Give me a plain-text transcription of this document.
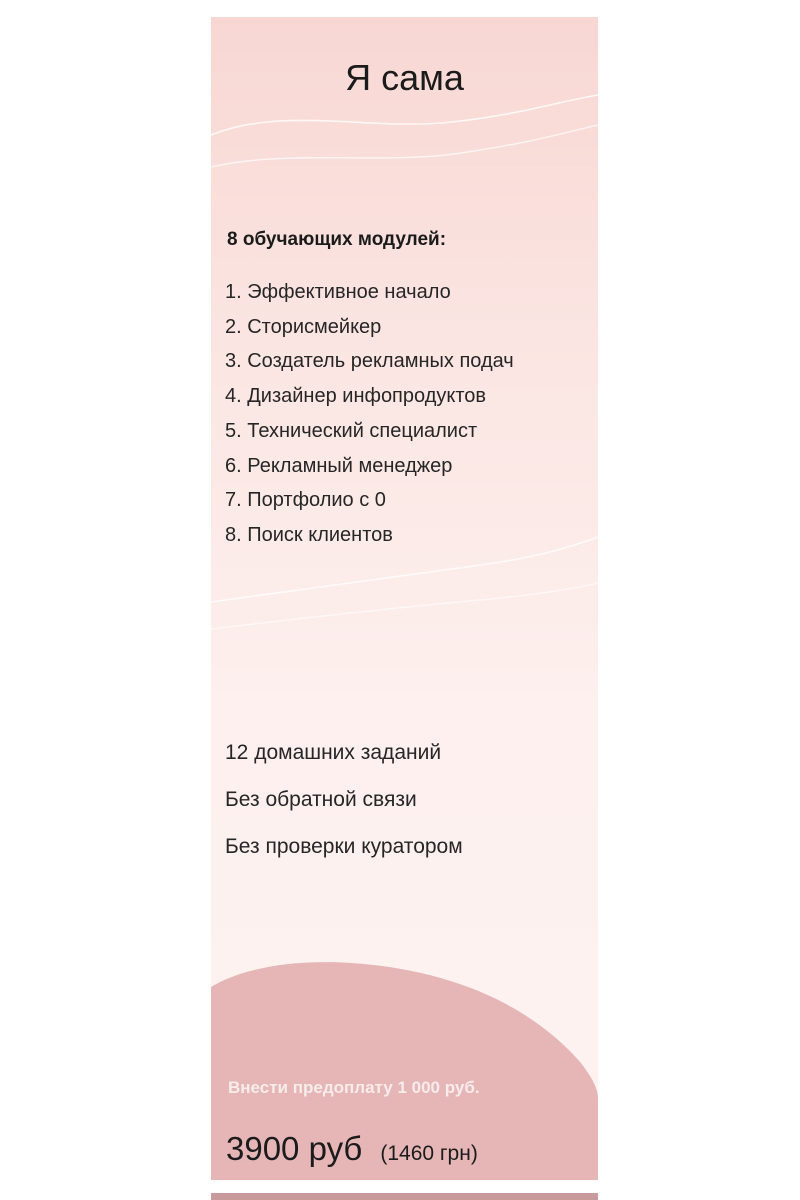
Я сама
8 обучающих модулей:
1. Эффективное начало
2. Сторисмейкер
3. Создатель рекламных подач
4. Дизайнер инфопродуктов
5. Технический специалист
6. Рекламный менеджер
7. Портфолио с 0
8. Поиск клиентов
12 домашних заданий
Без обратной связи
Без проверки куратором
Внести предоплату 1 000 руб.
3900 руб (1460 грн)
